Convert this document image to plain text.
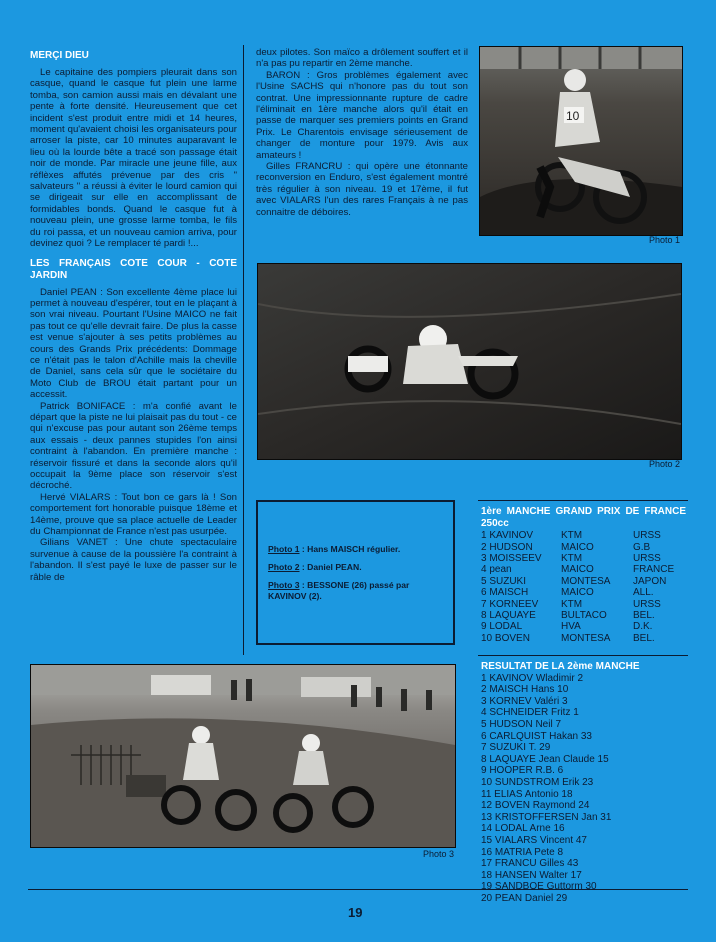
MERÇI DIEU

Le capitaine des pompiers pleurait dans son casque, quand le casque fut plein une larme tomba, son camion aussi mais en dévalant une pente à forte densité. Heureusement que cet incident s'est produit entre midi et 14 heures, moment qu'avaient choisi les organisateurs pour arroser la piste, car 10 minutes auparavant le lieu où la lourde bête a tracé son passage était noir de monde. Par miracle une jeune fille, aux réflèxes affutés prévenue par des cris " salvateurs " a réussi à éviter le lourd camion qui se dirigeait sur elle en accomplissant de formidables bonds. Quand le casque fut à nouveau plein, une grosse larme tomba, le fils du roi passa, et un nouveau camion arriva, pour devinez quoi ? Le remplacer té pardi !...

LES FRANÇAIS COTE COUR - COTE JARDIN

Daniel PEAN : Son excellente 4ème place lui permet à nouveau d'espérer, tout en le plaçant à son vrai niveau. Pourtant l'Usine MAICO ne fait pas tout ce qu'elle devrait faire. De plus la casse est venue s'ajouter à ses petits problèmes au cours des Grands Prix précédents: Dommage ce n'était pas le talon d'Achille mais la cheville de Daniel, sans cela sûr que le sociétaire du Moto Club de BROU était partant pour un accessit.

Patrick BONIFACE : m'a confié avant le départ que la piste ne lui plaisait pas du tout - ce qui n'excuse pas pour autant son 26ème temps aux essais - deux pannes stupides l'on ainsi contraint à l'abandon. En première manche : réservoir fissuré et dans la seconde alors qu'il occupait la 9ème place son réservoir s'est décroché.

Hervé VIALARS : Tout bon ce gars là ! Son comportement fort honorable puisque 18ème et 14ème, prouve que sa place actuelle de Leader du Championnat de France n'est pas usurpée.

Gilians VANET : Une chute spectaculaire survenue à cause de la poussière l'a contraint à l'abandon. Il s'est payé le luxe de passer sur le râble de

deux pilotes. Son maïco a drôlement souffert et il n'a pas pu repartir en 2ème manche.

BARON : Gros problèmes également avec l'Usine SACHS qui n'honore pas du tout son contrat. Une impressionnante rupture de cadre l'éliminait en 1ère manche alors qu'il était en passe de marquer ses premiers points en Grand Prix. Le Charentois envisage sérieusement de changer de monture pour 1979. Avis aux amateurs !

Gilles FRANCRU : qui opère une étonnante reconversion en Enduro, s'est également montré très régulier à son niveau. 19 et 17ème, il fut avec VIALARS l'un des rares Français à ne pas connaitre de déboires.

10
Photo 1
Photo 2
Photo 3
Photo 1 : Hans MAISCH régulier.
Photo 2 : Daniel PEAN.
Photo 3 : BESSONE (26) passé par KAVINOV (2).
1ère MANCHE GRAND PRIX DE FRANCE 250cc
1 KAVINOV	KTM	URSS
2 HUDSON	MAICO	G.B
3 MOISSEEV	KTM	URSS
4 pean	MAICO	FRANCE
5 SUZUKI	MONTESA	JAPON
6 MAISCH	MAICO	ALL.
7 KORNEEV	KTM	URSS
8 LAQUAYE	BULTACO	BEL.
9 LODAL	HVA	D.K.
10 BOVEN	MONTESA	BEL.
RESULTAT DE LA 2ème MANCHE
1 KAVINOV Wladimir 2
2 MAISCH Hans 10
3 KORNEV Valéri 3
4 SCHNEIDER Fritz 1
5 HUDSON Neil 7
6 CARLQUIST Hakan 33
7 SUZUKI T. 29
8 LAQUAYE Jean Claude 15
9 HOOPER R.B. 6
10 SUNDSTROM Erik 23
11 ELIAS Antonio 18
12 BOVEN Raymond 24
13 KRISTOFFERSEN Jan 31
14 LODAL Arne 16
15 VIALARS Vincent 47
16 MATRIA Pete 8
17 FRANCU Gilles 43
18 HANSEN Walter 17
19 SANDBOE Guttorm 30
20 PEAN Daniel 29
19
